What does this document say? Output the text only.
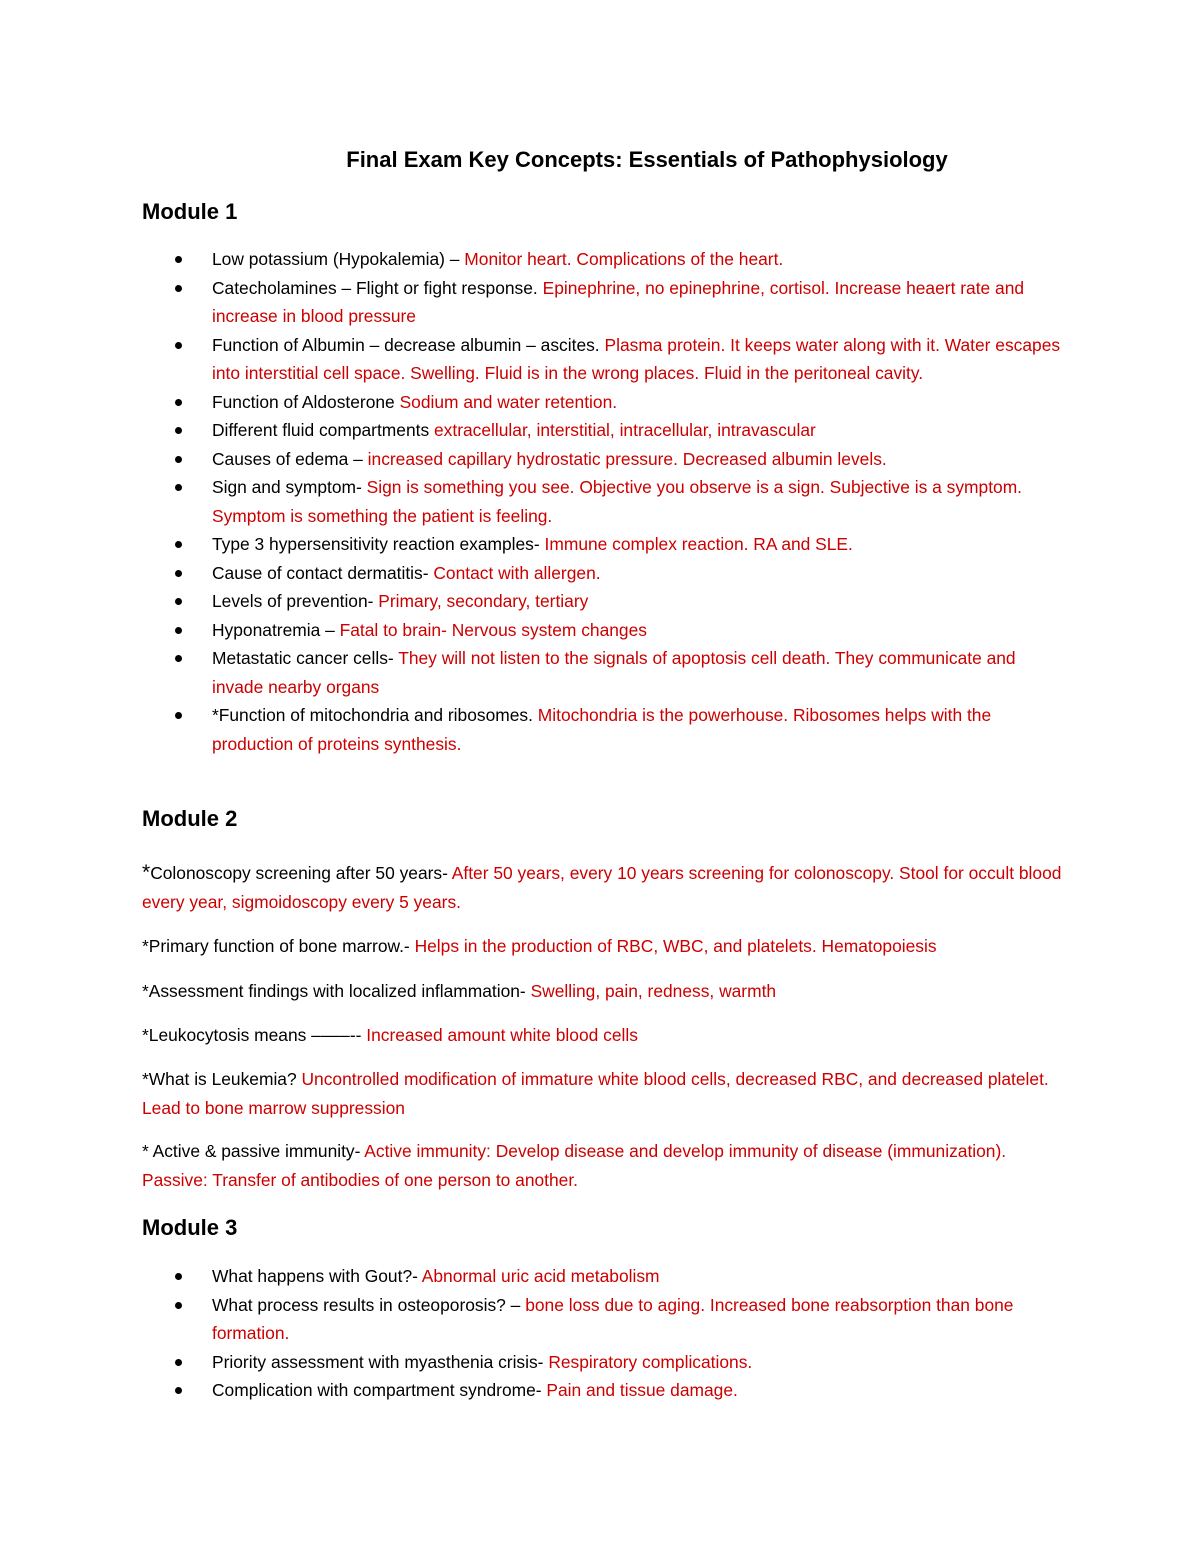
Final Exam Key Concepts: Essentials of Pathophysiology
Module 1
Low potassium (Hypokalemia) – Monitor heart. Complications of the heart.
Catecholamines – Flight or fight response. Epinephrine, no epinephrine, cortisol. Increase heaert rate and increase in blood pressure
Function of Albumin – decrease albumin – ascites. Plasma protein. It keeps water along with it. Water escapes into interstitial cell space. Swelling. Fluid is in the wrong places. Fluid in the peritoneal cavity.
Function of Aldosterone Sodium and water retention.
Different fluid compartments extracellular, interstitial, intracellular, intravascular
Causes of edema – increased capillary hydrostatic pressure. Decreased albumin levels.
Sign and symptom- Sign is something you see. Objective you observe is a sign. Subjective is a symptom. Symptom is something the patient is feeling.
Type 3 hypersensitivity reaction examples- Immune complex reaction. RA and SLE.
Cause of contact dermatitis- Contact with allergen.
Levels of prevention- Primary, secondary, tertiary
Hyponatremia – Fatal to brain- Nervous system changes
Metastatic cancer cells- They will not listen to the signals of apoptosis cell death. They communicate and invade nearby organs
*Function of mitochondria and ribosomes. Mitochondria is the powerhouse. Ribosomes helps with the production of proteins synthesis.
Module 2

*Colonoscopy screening after 50 years- After 50 years, every 10 years screening for colonoscopy. Stool for occult blood every year, sigmoidoscopy every 5 years.

*Primary function of bone marrow.- Helps in the production of RBC, WBC, and platelets. Hematopoiesis

*Assessment findings with localized inflammation- Swelling, pain, redness, warmth

*Leukocytosis means ––––-- Increased amount white blood cells

*What is Leukemia? Uncontrolled modification of immature white blood cells, decreased RBC, and decreased platelet. Lead to bone marrow suppression

* Active & passive immunity- Active immunity: Develop disease and develop immunity of disease (immunization). Passive: Transfer of antibodies of one person to another.

Module 3
What happens with Gout?- Abnormal uric acid metabolism
What process results in osteoporosis? – bone loss due to aging. Increased bone reabsorption than bone formation.
Priority assessment with myasthenia crisis- Respiratory complications.
Complication with compartment syndrome- Pain and tissue damage.
